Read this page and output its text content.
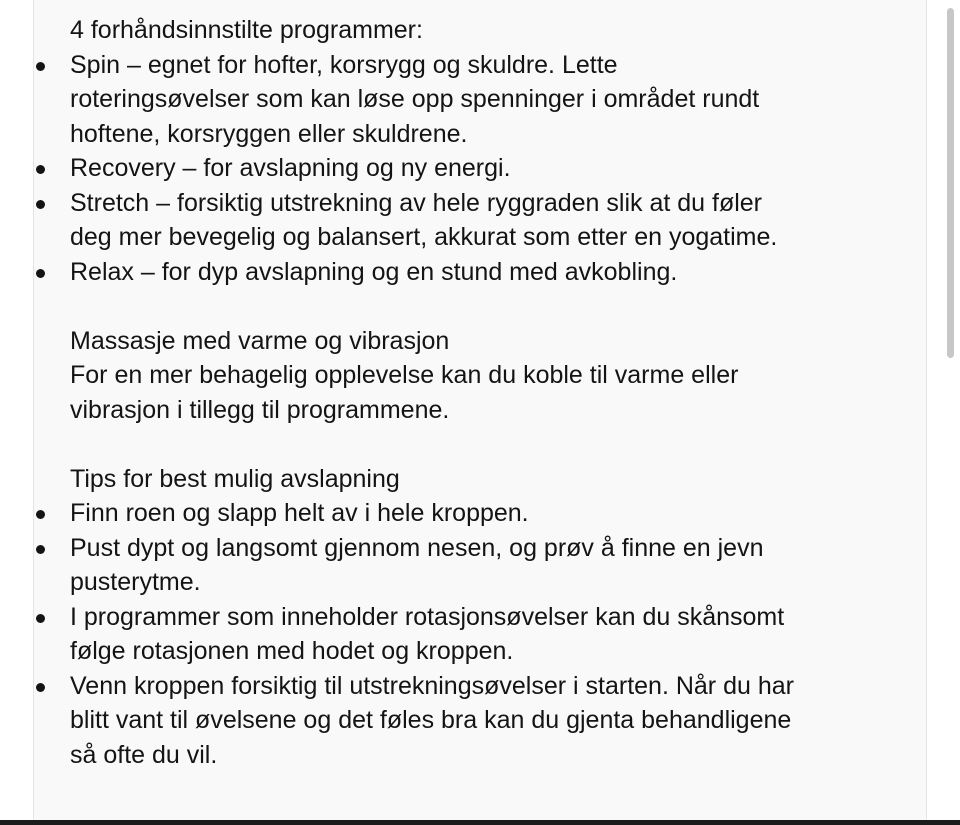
4 forhåndsinnstilte programmer:

Spin – egnet for hofter, korsrygg og skuldre. Lette
roteringsøvelser som kan løse opp spenninger i området rundt
hoftene, korsryggen eller skuldrene.
Recovery – for avslapning og ny energi.
Stretch – forsiktig utstrekning av hele ryggraden slik at du føler
deg mer bevegelig og balansert, akkurat som etter en yogatime.
Relax – for dyp avslapning og en stund med avkobling.

Massasje med varme og vibrasjon

For en mer behagelig opplevelse kan du koble til varme eller

vibrasjon i tillegg til programmene.

Tips for best mulig avslapning

Finn roen og slapp helt av i hele kroppen.
Pust dypt og langsomt gjennom nesen, og prøv å finne en jevn
pusterytme.
I programmer som inneholder rotasjonsøvelser kan du skånsomt
følge rotasjonen med hodet og kroppen.
Venn kroppen forsiktig til utstrekningsøvelser i starten. Når du har
blitt vant til øvelsene og det føles bra kan du gjenta behandligene
så ofte du vil.
